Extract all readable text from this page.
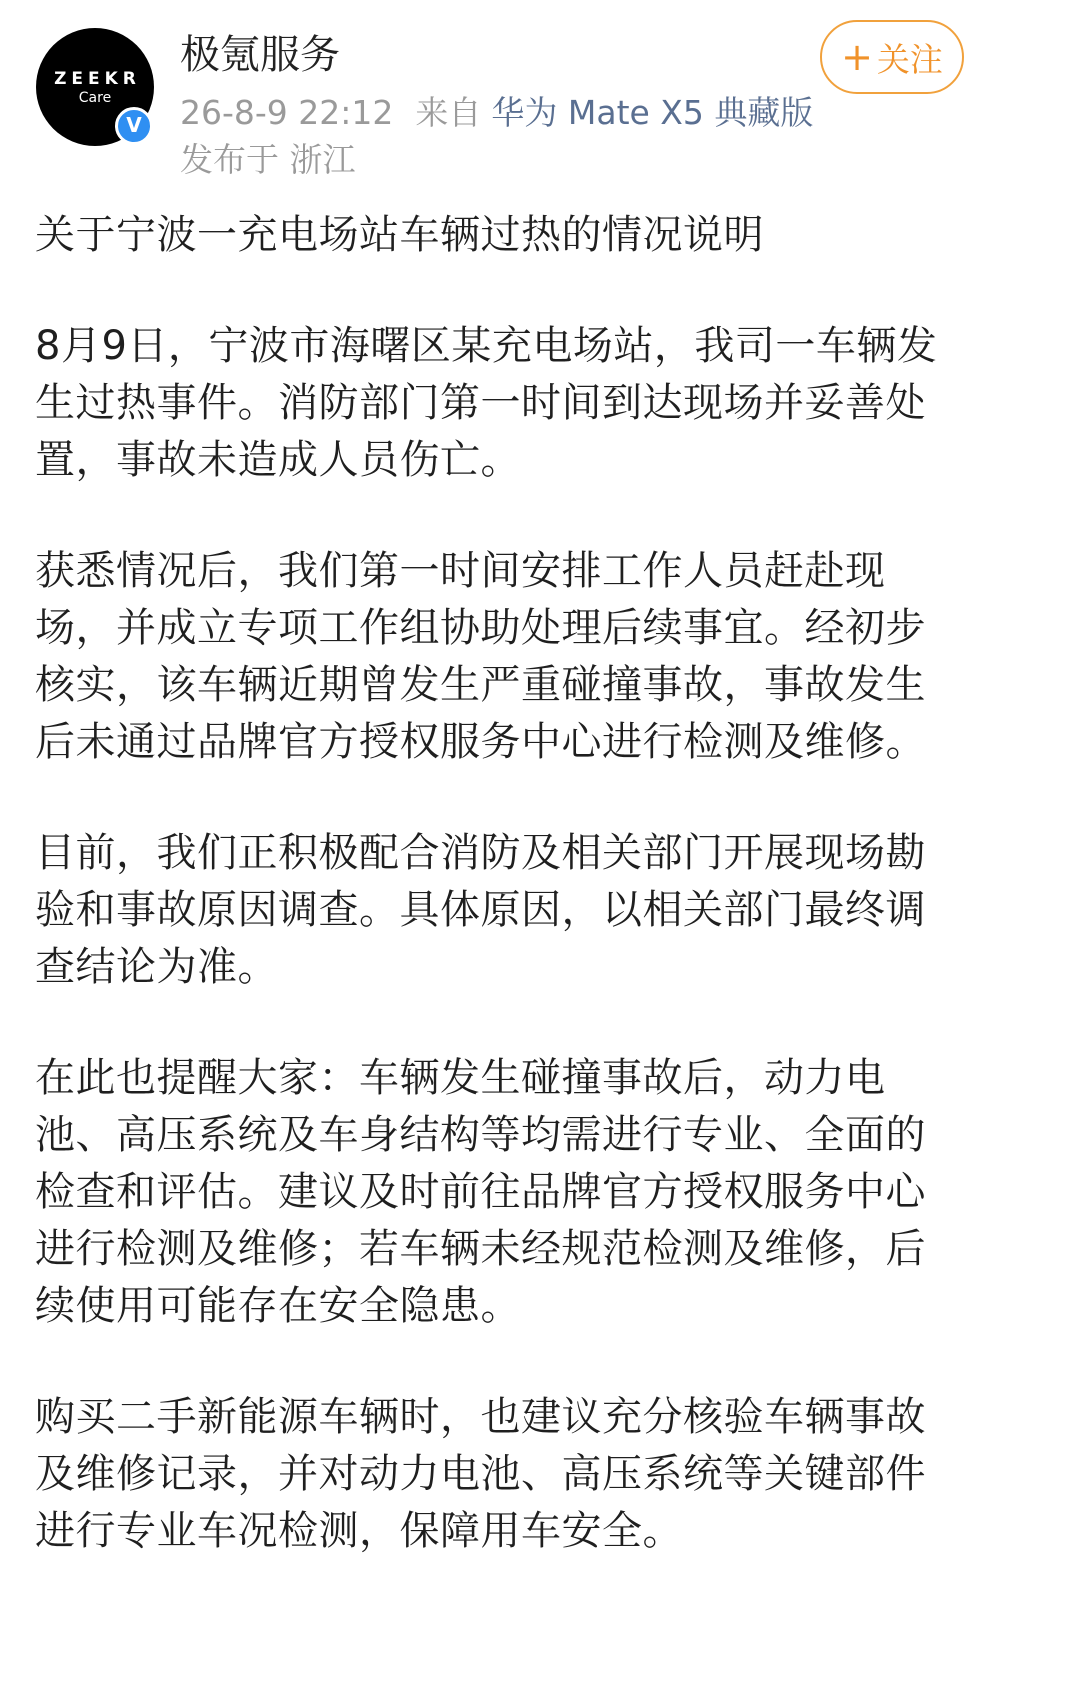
ZEEKR
Care
V
极氪服务
26-8-9 22:12 来自 华为 Mate X5 典藏版
发布于 浙江
+ 关注
关于宁波一充电场站车辆过热的情况说明
8月9日，宁波市海曙区某充电场站，我司一车辆发
生过热事件。消防部门第一时间到达现场并妥善处
置，事故未造成人员伤亡。
获悉情况后，我们第一时间安排工作人员赶赴现
场，并成立专项工作组协助处理后续事宜。经初步
核实，该车辆近期曾发生严重碰撞事故，事故发生
后未通过品牌官方授权服务中心进行检测及维修。
目前，我们正积极配合消防及相关部门开展现场勘
验和事故原因调查。具体原因，以相关部门最终调
查结论为准。
在此也提醒大家：车辆发生碰撞事故后，动力电
池、高压系统及车身结构等均需进行专业、全面的
检查和评估。建议及时前往品牌官方授权服务中心
进行检测及维修；若车辆未经规范检测及维修，后
续使用可能存在安全隐患。
购买二手新能源车辆时，也建议充分核验车辆事故
及维修记录，并对动力电池、高压系统等关键部件
进行专业车况检测，保障用车安全。
